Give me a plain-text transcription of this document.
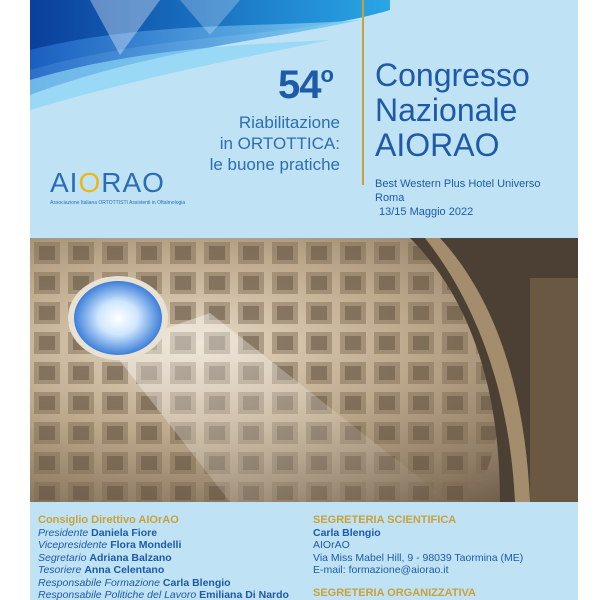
54$^o$
Riabilitazione
in ORTOTTICA:
le buone pratiche
AIORAO
Associazione Italiana ORTOTTISTI Assistenti in Oftalmologia
Congresso
Nazionale
AIORAO
Best Western Plus Hotel Universo
Roma
13/15 Maggio 2022
Consiglio Direttivo AIOrAO
Presidente Daniela Fiore
Vicepresidente Flora Mondelli
Segretario Adriana Balzano
Tesoriere Anna Celentano
Responsabile Formazione Carla Blengio
Responsabile Politiche del Lavoro Emiliana Di Nardo
SEGRETERIA SCIENTIFICA
Carla Blengio
AIOrAO
Via Miss Mabel Hill, 9 - 98039 Taormina (ME)
E-mail: formazione@aiorao.it
SEGRETERIA ORGANIZZATIVA
